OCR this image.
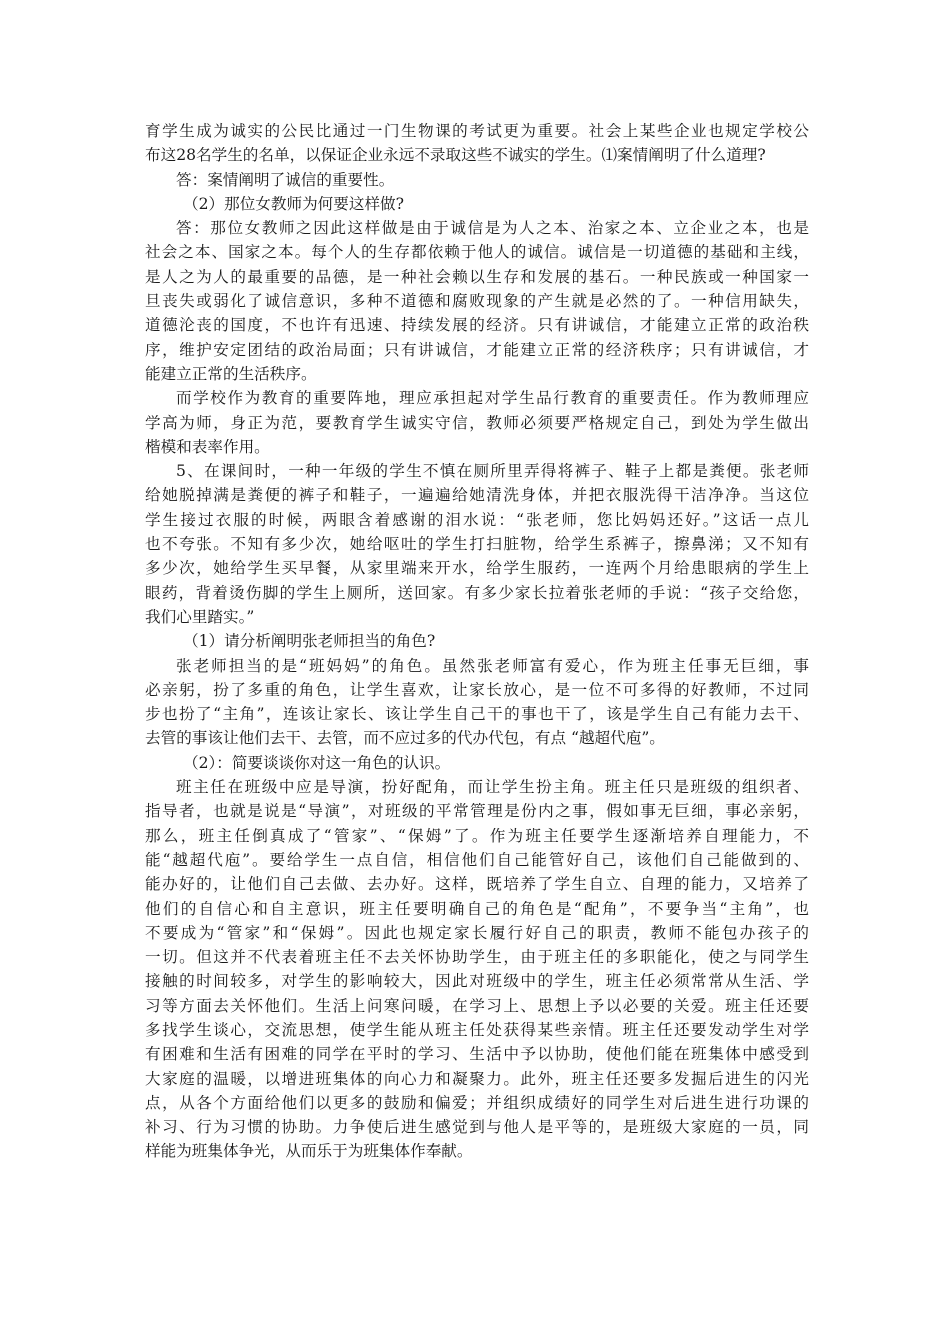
育学生成为诚实的公民比通过一门生物课的考试更为重要。社会上某些企业也规定学校公
布这28名学生的名单，以保证企业永远不录取这些不诚实的学生。⑴案情阐明了什么道理?
答：案情阐明了诚信的重要性。
（2）那位女教师为何要这样做?
答：那位女教师之因此这样做是由于诚信是为人之本、治家之本、立企业之本，也是
社会之本、国家之本。每个人的生存都依赖于他人的诚信。诚信是一切道德的基础和主线，
是人之为人的最重要的品德，是一种社会赖以生存和发展的基石。一种民族或一种国家一
旦丧失或弱化了诚信意识，多种不道德和腐败现象的产生就是必然的了。一种信用缺失，
道德沦丧的国度，不也许有迅速、持续发展的经济。只有讲诚信，才能建立正常的政治秩
序，维护安定团结的政治局面；只有讲诚信，才能建立正常的经济秩序；只有讲诚信，才
能建立正常的生活秩序。
而学校作为教育的重要阵地，理应承担起对学生品行教育的重要责任。作为教师理应
学高为师，身正为范，要教育学生诚实守信，教师必须要严格规定自己，到处为学生做出
楷模和表率作用。
5、在课间时，一种一年级的学生不慎在厕所里弄得将裤子、鞋子上都是粪便。张老师
给她脱掉满是粪便的裤子和鞋子，一遍遍给她清洗身体，并把衣服洗得干洁净净。当这位
学生接过衣服的时候，两眼含着感谢的泪水说：“张老师，您比妈妈还好。”这话一点儿
也不夸张。不知有多少次，她给呕吐的学生打扫脏物，给学生系裤子，擦鼻涕；又不知有
多少次，她给学生买早餐，从家里端来开水，给学生服药，一连两个月给患眼病的学生上
眼药，背着烫伤脚的学生上厕所，送回家。有多少家长拉着张老师的手说：“孩子交给您，
我们心里踏实。”
（1）请分析阐明张老师担当的角色?
张老师担当的是“班妈妈”的角色。虽然张老师富有爱心，作为班主任事无巨细，事
必亲躬，扮了多重的角色，让学生喜欢，让家长放心，是一位不可多得的好教师，不过同
步也扮了“主角”，连该让家长、该让学生自己干的事也干了，该是学生自己有能力去干、
去管的事该让他们去干、去管，而不应过多的代办代包，有点 “越超代庖”。
（2）：简要谈谈你对这一角色的认识。
班主任在班级中应是导演，扮好配角，而让学生扮主角。班主任只是班级的组织者、
指导者，也就是说是“导演”，对班级的平常管理是份内之事，假如事无巨细，事必亲躬，
那么，班主任倒真成了“管家”、“保姆”了。作为班主任要学生逐渐培养自理能力，不
能“越超代庖”。要给学生一点自信，相信他们自己能管好自己，该他们自己能做到的、
能办好的，让他们自己去做、去办好。这样，既培养了学生自立、自理的能力，又培养了
他们的自信心和自主意识，班主任要明确自己的角色是“配角”，不要争当“主角”，也
不要成为“管家”和“保姆”。因此也规定家长履行好自己的职责，教师不能包办孩子的
一切。但这并不代表着班主任不去关怀协助学生，由于班主任的多职能化，使之与同学生
接触的时间较多，对学生的影响较大，因此对班级中的学生，班主任必须常常从生活、学
习等方面去关怀他们。生活上问寒问暖，在学习上、思想上予以必要的关爱。班主任还要
多找学生谈心，交流思想，使学生能从班主任处获得某些亲情。班主任还要发动学生对学
有困难和生活有困难的同学在平时的学习、生活中予以协助，使他们能在班集体中感受到
大家庭的温暖，以增进班集体的向心力和凝聚力。此外，班主任还要多发掘后进生的闪光
点，从各个方面给他们以更多的鼓励和偏爱；并组织成绩好的同学生对后进生进行功课的
补习、行为习惯的协助。力争使后进生感觉到与他人是平等的，是班级大家庭的一员，同
样能为班集体争光，从而乐于为班集体作奉献。
